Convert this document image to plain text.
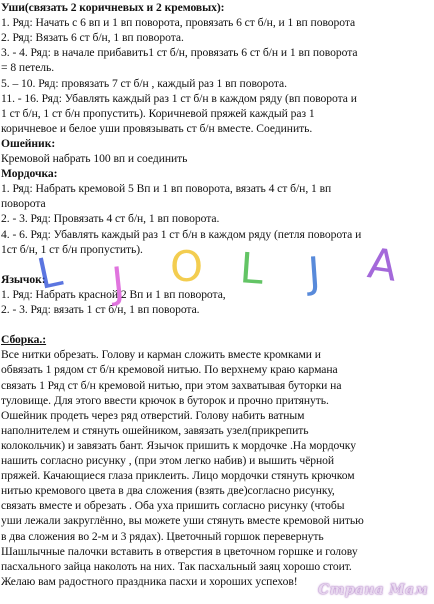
Уши(связать 2 коричневых и 2 кремовых):
1. Ряд: Начать с 6 вп и 1 вп поворота, провязать 6 ст б/н, и 1 вп поворота
2. Ряд: Вязать 6 ст б/н, 1 вп поворота.
3. - 4. Ряд: в начале прибавить1 ст б/н, провязать 6 ст б/н и 1 вп поворота
= 8 петель.
5. – 10. Ряд: провязать 7 ст б/н , каждый раз 1 вп поворота.
11. - 16. Ряд: Убавлять каждый раз 1 ст б/н в каждом ряду (вп поворота и
1 ст б/н, 1 ст б/н пропустить). Коричневой пряжей каждый раз 1
коричневое и белое уши провязывать ст б/н вместе. Соединить.
Ошейник:
Кремовой набрать 100 вп и соединить
Мордочка:
1. Ряд: Набрать кремовой 5 Вп и 1 вп поворота, вязать 4 ст б/н, 1 вп
поворота
2. - 3. Ряд: Провязать 4 ст б/н, 1 вп поворота.
4. - 6. Ряд: Убавлять каждый раз 1 ст б/н в каждом ряду (петля поворота и
1ст б/н, 1 ст б/н пропустить).
Язычок:
1. Ряд: Набрать красной 2 Вп и 1 вп поворота,
2. - 3. Ряд: вязать 1 ст б/н, 1 вп поворота.
Сборка.:
Все нитки обрезать. Голову и карман сложить вместе кромками и
обвязать 1 рядом ст б/н кремовой нитью. По верхнему краю кармана
связать 1 Ряд ст б/н кремовой нитью, при этом захватывая буторки на
туловище. Для этого ввести крючок в буторок и прочно притянуть.
Ошейник продеть через ряд отверстий. Голову набить ватным
наполнителем и стянуть ошейником, завязать узел(прикрепить
колокольчик) и завязать бант. Язычок пришить к мордочке .На мордочку
нашить согласно рисунку , (при этом легко набив) и вышить чёрной
пряжей. Качающиеся глаза приклеить. Лицо мордочки стянуть крючком
нитью кремового цвета в два сложения (взять две)согласно рисунку,
связать вместе и обрезать . Оба уха пришить согласно рисунку (чтобы
уши лежали закруглённо, вы можете уши стянуть вместе кремовой нитью
в два сложения во 2-м и 3 рядах). Цветочный горшок перевернуть
Шашлычные палочки вставить в отверстия в цветочном горшке и голову
пасхального зайца наколоть на них. Так пасхальный заяц хорошо стоит.
Желаю вам радостного праздника пасхи и хороших успехов!
L J O L J A
Страна Мам
